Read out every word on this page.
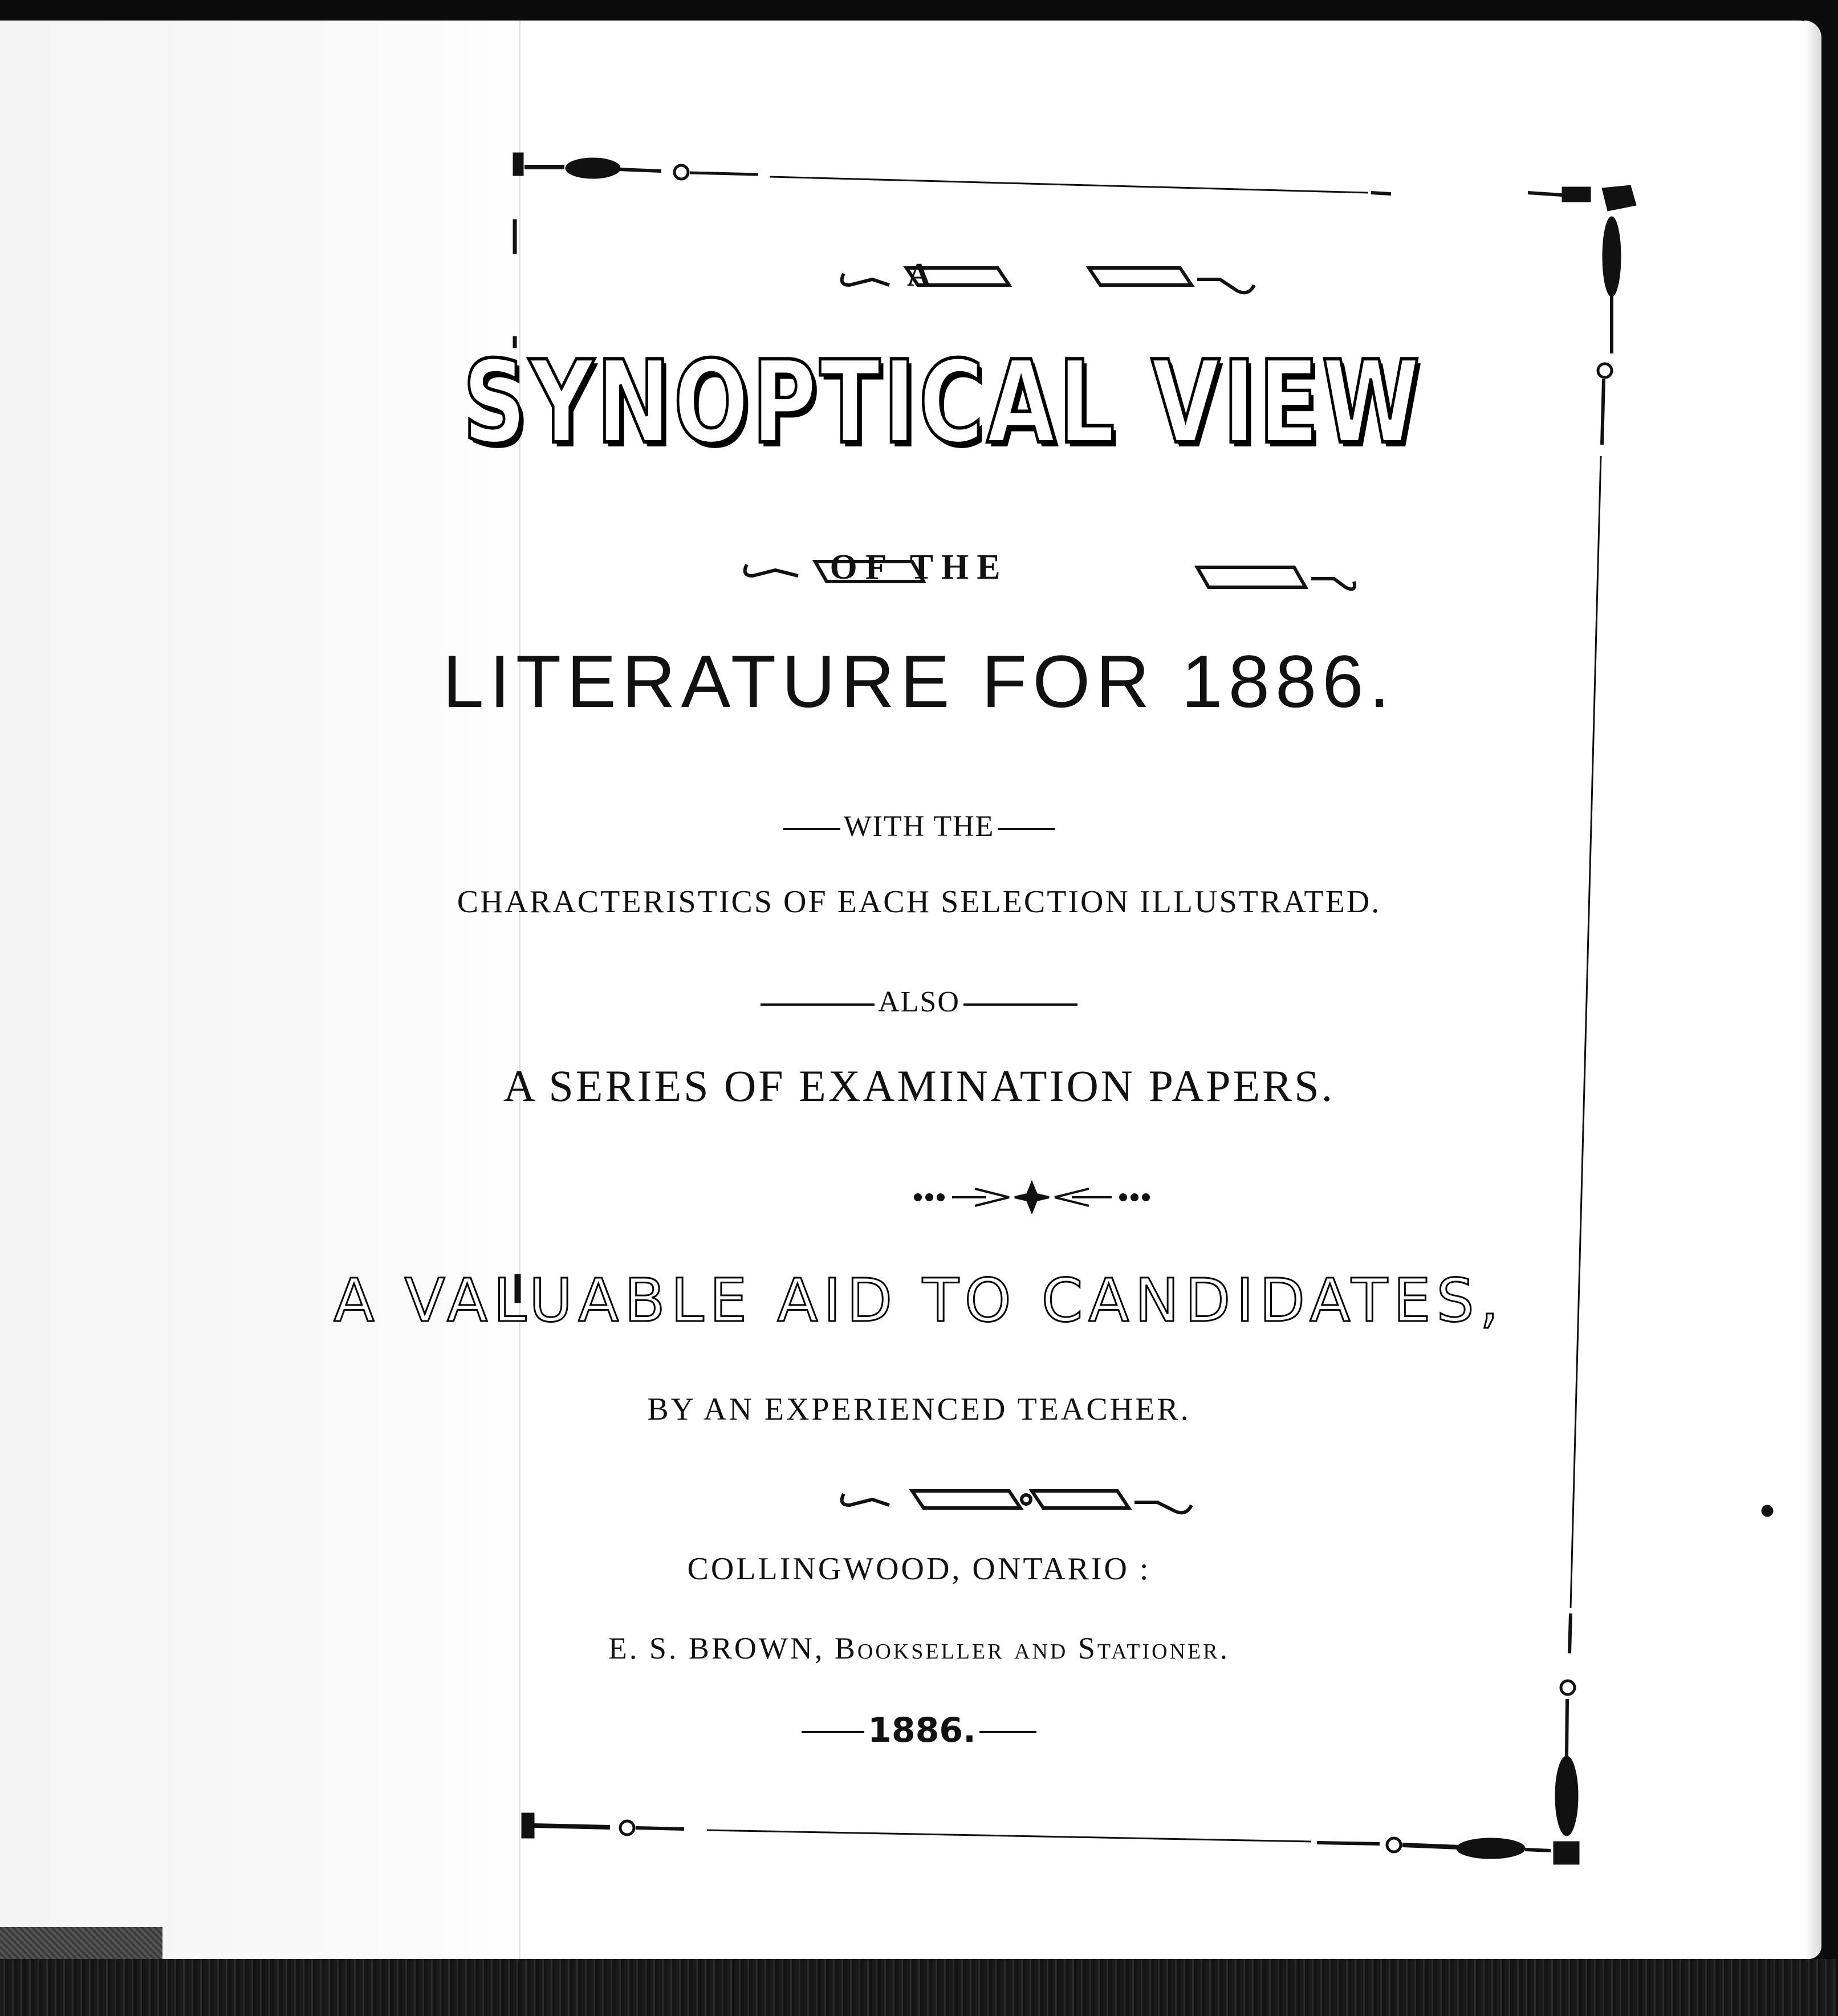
A
SYNOPTICAL VIEW
OF THE
LITERATURE FOR 1886.
WITH THE
CHARACTERISTICS OF EACH SELECTION ILLUSTRATED.
ALSO
A SERIES OF EXAMINATION PAPERS.
A VALUABLE AID TO CANDIDATES,
BY AN EXPERIENCED TEACHER.
COLLINGWOOD, ONTARIO :
E. S. BROWN, Bookseller and Stationer.
1886.
